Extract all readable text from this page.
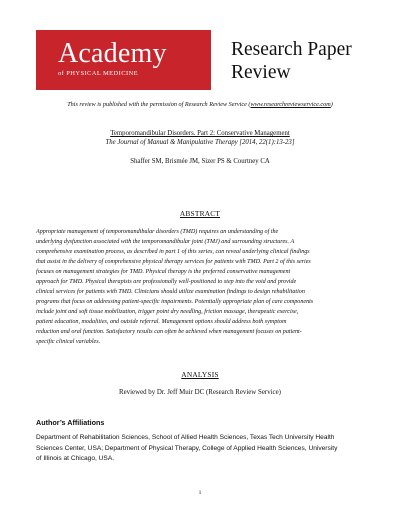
Academy
of PHYSICAL MEDICINE
Research Paper
Review
This review is published with the permission of Research Review Service (www.researchreviewservice.com)
Temporomandibular Disorders. Part 2: Conservative Management
The Journal of Manual & Manipulative Therapy [2014, 22(1):13-23]
Shaffer SM, Brismée JM, Sizer PS & Courtney CA
ABSTRACT
Appropriate management of temporomandibular disorders (TMD) requires an understanding of the
underlying dysfunction associated with the temporomandibular joint (TMJ) and surrounding structures. A
comprehensive examination process, as described in part 1 of this series, can reveal underlying clinical findings
that assist in the delivery of comprehensive physical therapy services for patients with TMD. Part 2 of this series
focuses on management strategies for TMD. Physical therapy is the preferred conservative management
approach for TMD. Physical therapists are professionally well-positioned to step into the void and provide
clinical services for patients with TMD. Clinicians should utilize examination findings to design rehabilitation
programs that focus on addressing patient-specific impairments. Potentially appropriate plan of care components
include joint and soft tissue mobilization, trigger point dry needling, friction massage, therapeutic exercise,
patient education, modalities, and outside referral. Management options should address both symptom
reduction and oral function. Satisfactory results can often be achieved when management focuses on patient-
specific clinical variables.
ANALYSIS
Reviewed by Dr. Jeff Muir DC (Research Review Service)
Author’s Affiliations
Department of Rehabilitation Sciences, School of Allied Health Sciences, Texas Tech University Health
Sciences Center, USA; Department of Physical Therapy, College of Applied Health Sciences, University
of Illinois at Chicago, USA.
1
